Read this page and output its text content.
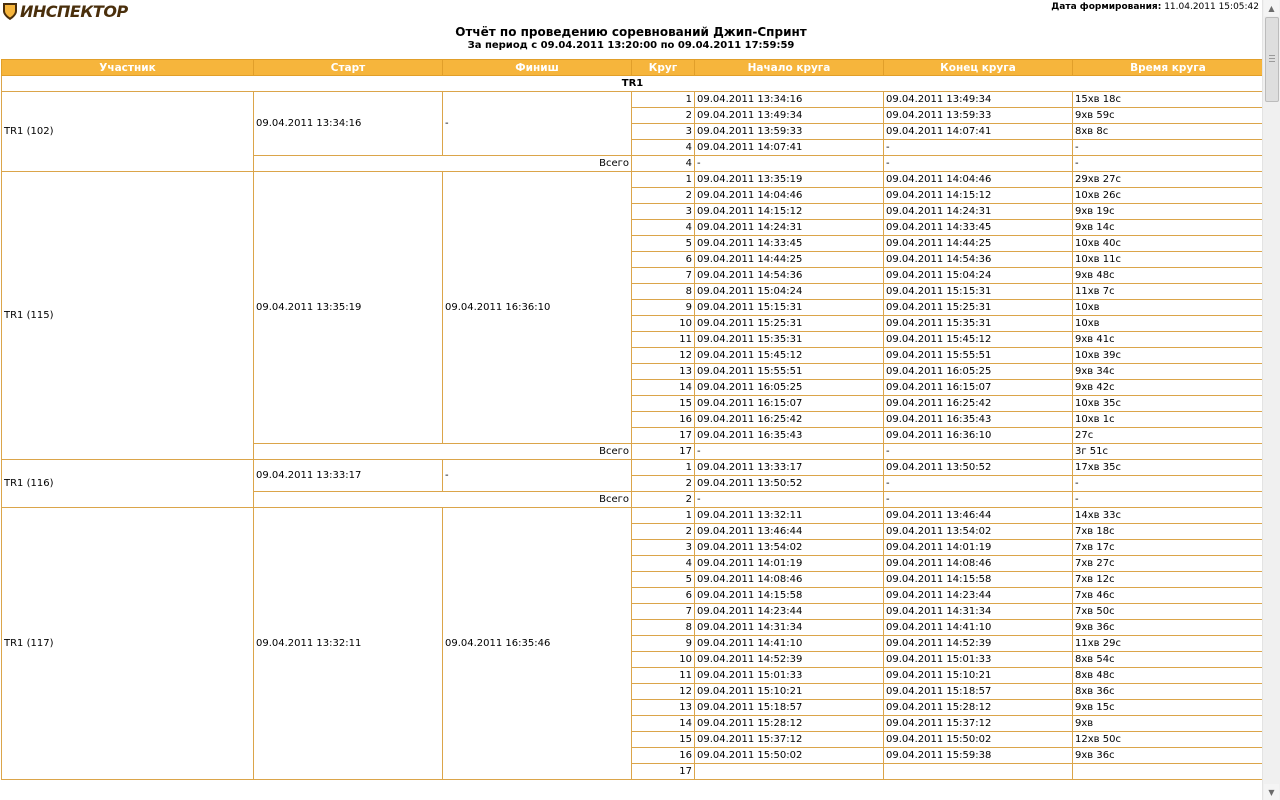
ИНСПЕКТОР	Дата формирования: 11.04.2011 15:05:42
Отчёт по проведению соревнований Джип-Спринт
За период с 09.04.2011 13:20:00 по 09.04.2011 17:59:59
Участник	Старт	Финиш	Круг	Начало круга	Конец круга	Время круга
TR1						
TR1 (102)	09.04.2011 13:34:16	-	1	09.04.2011 13:34:16	09.04.2011 13:49:34	15хв 18с
			2	09.04.2011 13:49:34	09.04.2011 13:59:33	9хв 59с
			3	09.04.2011 13:59:33	09.04.2011 14:07:41	8хв 8с
			4	09.04.2011 14:07:41	-	-
	Всего		4	-	-	-
TR1 (115)	09.04.2011 13:35:19	09.04.2011 16:36:10	1	09.04.2011 13:35:19	09.04.2011 14:04:46	29хв 27с
			2	09.04.2011 14:04:46	09.04.2011 14:15:12	10хв 26с
			3	09.04.2011 14:15:12	09.04.2011 14:24:31	9хв 19с
			4	09.04.2011 14:24:31	09.04.2011 14:33:45	9хв 14с
			5	09.04.2011 14:33:45	09.04.2011 14:44:25	10хв 40с
			6	09.04.2011 14:44:25	09.04.2011 14:54:36	10хв 11с
			7	09.04.2011 14:54:36	09.04.2011 15:04:24	9хв 48с
			8	09.04.2011 15:04:24	09.04.2011 15:15:31	11хв 7с
			9	09.04.2011 15:15:31	09.04.2011 15:25:31	10хв
			10	09.04.2011 15:25:31	09.04.2011 15:35:31	10хв
			11	09.04.2011 15:35:31	09.04.2011 15:45:12	9хв 41с
			12	09.04.2011 15:45:12	09.04.2011 15:55:51	10хв 39с
			13	09.04.2011 15:55:51	09.04.2011 16:05:25	9хв 34с
			14	09.04.2011 16:05:25	09.04.2011 16:15:07	9хв 42с
			15	09.04.2011 16:15:07	09.04.2011 16:25:42	10хв 35с
			16	09.04.2011 16:25:42	09.04.2011 16:35:43	10хв 1с
			17	09.04.2011 16:35:43	09.04.2011 16:36:10	27с
	Всего		17	-	-	3г 51с
TR1 (116)	09.04.2011 13:33:17	-	1	09.04.2011 13:33:17	09.04.2011 13:50:52	17хв 35с
			2	09.04.2011 13:50:52	-	-
	Всего		2	-	-	-
TR1 (117)	09.04.2011 13:32:11	09.04.2011 16:35:46	1	09.04.2011 13:32:11	09.04.2011 13:46:44	14хв 33с
			2	09.04.2011 13:46:44	09.04.2011 13:54:02	7хв 18с
			3	09.04.2011 13:54:02	09.04.2011 14:01:19	7хв 17с
			4	09.04.2011 14:01:19	09.04.2011 14:08:46	7хв 27с
			5	09.04.2011 14:08:46	09.04.2011 14:15:58	7хв 12с
			6	09.04.2011 14:15:58	09.04.2011 14:23:44	7хв 46с
			7	09.04.2011 14:23:44	09.04.2011 14:31:34	7хв 50с
			8	09.04.2011 14:31:34	09.04.2011 14:41:10	9хв 36с
			9	09.04.2011 14:41:10	09.04.2011 14:52:39	11хв 29с
			10	09.04.2011 14:52:39	09.04.2011 15:01:33	8хв 54с
			11	09.04.2011 15:01:33	09.04.2011 15:10:21	8хв 48с
			12	09.04.2011 15:10:21	09.04.2011 15:18:57	8хв 36с
			13	09.04.2011 15:18:57	09.04.2011 15:28:12	9хв 15с
			14	09.04.2011 15:28:12	09.04.2011 15:37:12	9хв
			15	09.04.2011 15:37:12	09.04.2011 15:50:02	12хв 50с
			16	09.04.2011 15:50:02	09.04.2011 15:59:38	9хв 36с
			17			
▲
▼
